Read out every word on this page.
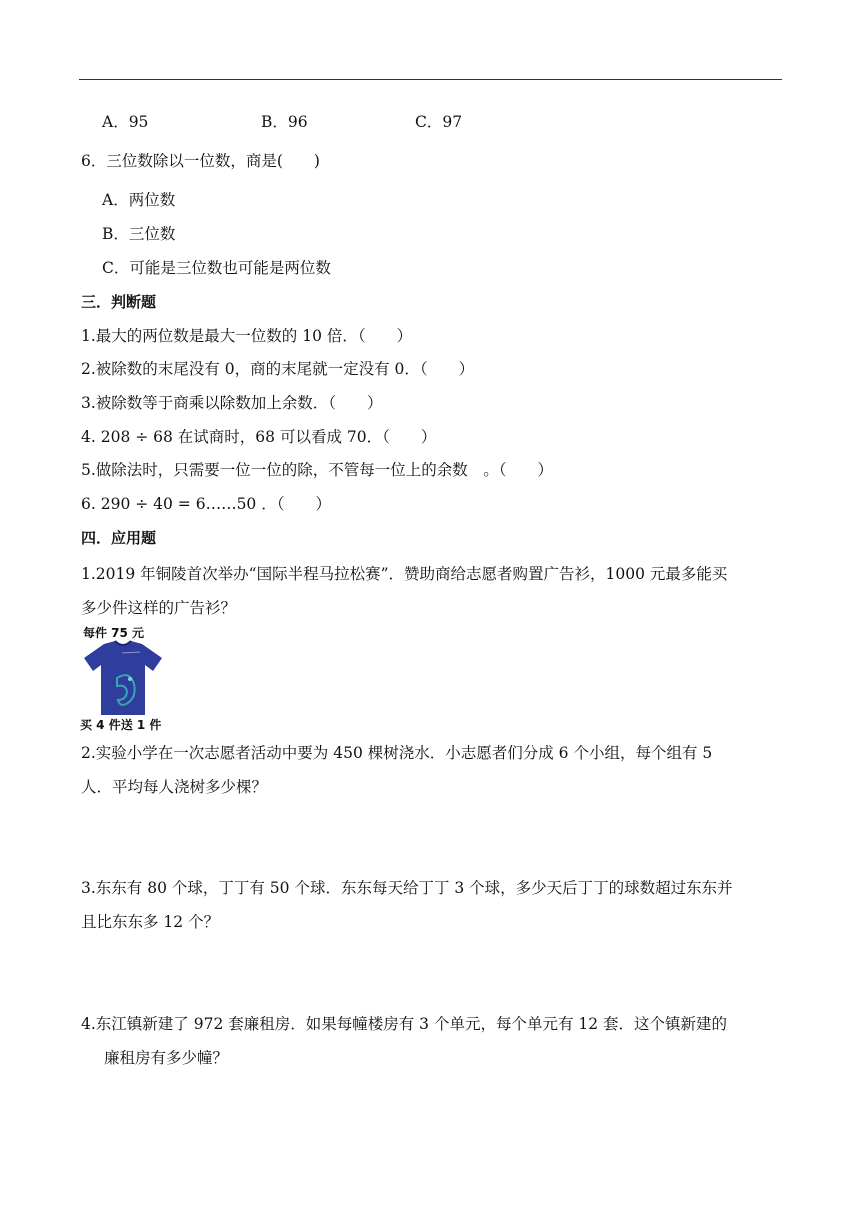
A．95	B．96	C．97
6．三位数除以一位数，商是(　　)
A．两位数
B．三位数
C．可能是三位数也可能是两位数
三．判断题
1.最大的两位数是最大一位数的 10 倍．（　　）
2.被除数的末尾没有 0，商的末尾就一定没有 0．（　　）
3.被除数等于商乘以除数加上余数．（　　）
4. 208 ÷ 68 在试商时，68 可以看成 70．（　　）
5.做除法时，只需要一位一位的除，不管每一位上的余数　。（　　）
6. 290 ÷ 40 = 6……50 ．（　　）
四．应用题
1.2019 年铜陵首次举办“国际半程马拉松赛”．赞助商给志愿者购置广告衫，1000 元最多能买
多少件这样的广告衫？
每件 75 元
买 4 件送 1 件
2.实验小学在一次志愿者活动中要为 450 棵树浇水．小志愿者们分成 6 个小组，每个组有 5
人．平均每人浇树多少棵？
3.东东有 80 个球，丁丁有 50 个球．东东每天给丁丁 3 个球，多少天后丁丁的球数超过东东并
且比东东多 12 个？
4.东江镇新建了 972 套廉租房．如果每幢楼房有 3 个单元，每个单元有 12 套．这个镇新建的
廉租房有多少幢？
